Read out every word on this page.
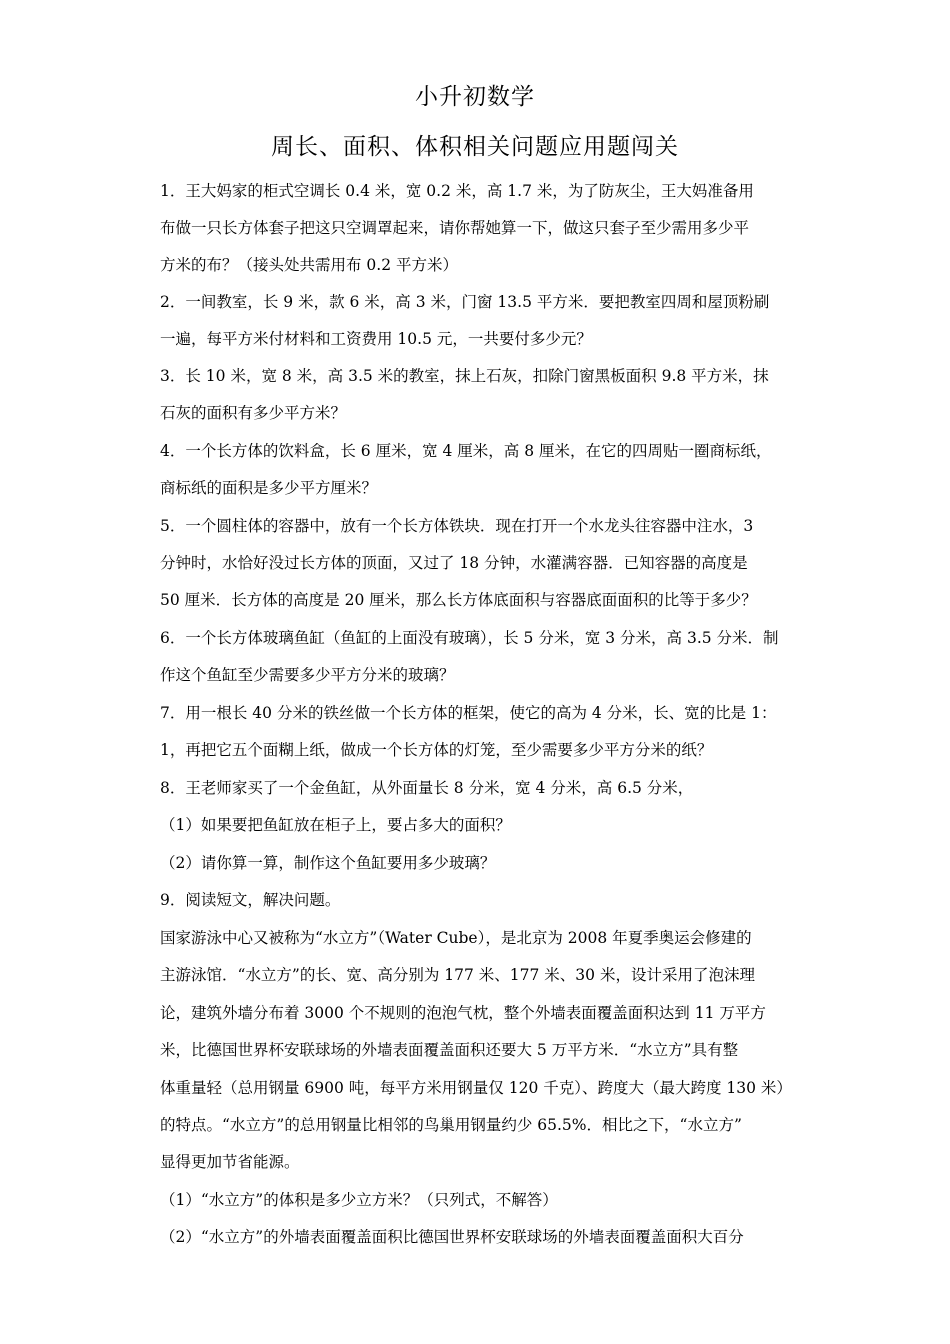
小升初数学
周长、面积、体积相关问题应用题闯关
1．王大妈家的柜式空调长 0.4 米，宽 0.2 米，高 1.7 米，为了防灰尘，王大妈准备用
布做一只长方体套子把这只空调罩起来，请你帮她算一下，做这只套子至少需用多少平
方米的布？（接头处共需用布 0.2 平方米）
2．一间教室，长 9 米，款 6 米，高 3 米，门窗 13.5 平方米．要把教室四周和屋顶粉刷
一遍，每平方米付材料和工资费用 10.5 元，一共要付多少元？
3．长 10 米，宽 8 米，高 3.5 米的教室，抹上石灰，扣除门窗黑板面积 9.8 平方米，抹
石灰的面积有多少平方米？
4．一个长方体的饮料盒，长 6 厘米，宽 4 厘米，高 8 厘米，在它的四周贴一圈商标纸，
商标纸的面积是多少平方厘米？
5．一个圆柱体的容器中，放有一个长方体铁块．现在打开一个水龙头往容器中注水，3
分钟时，水恰好没过长方体的顶面，又过了 18 分钟，水灌满容器．已知容器的高度是
50 厘米．长方体的高度是 20 厘米，那么长方体底面积与容器底面面积的比等于多少？
6．一个长方体玻璃鱼缸（鱼缸的上面没有玻璃），长 5 分米，宽 3 分米，高 3.5 分米．制
作这个鱼缸至少需要多少平方分米的玻璃？
7．用一根长 40 分米的铁丝做一个长方体的框架，使它的高为 4 分米，长、宽的比是 1：
1，再把它五个面糊上纸，做成一个长方体的灯笼，至少需要多少平方分米的纸？
8．王老师家买了一个金鱼缸，从外面量长 8 分米，宽 4 分米，高 6.5 分米，
（1）如果要把鱼缸放在柜子上，要占多大的面积？
（2）请你算一算，制作这个鱼缸要用多少玻璃？
9．阅读短文，解决问题。
国家游泳中心又被称为“水立方”（Water Cube），是北京为 2008 年夏季奥运会修建的
主游泳馆．“水立方”的长、宽、高分别为 177 米、177 米、30 米，设计采用了泡沫理
论，建筑外墙分布着 3000 个不规则的泡泡气枕，整个外墙表面覆盖面积达到 11 万平方
米，比德国世界杯安联球场的外墙表面覆盖面积还要大 5 万平方米．“水立方”具有整
体重量轻（总用钢量 6900 吨，每平方米用钢量仅 120 千克）、跨度大（最大跨度 130 米）
的特点。“水立方”的总用钢量比相邻的鸟巢用钢量约少 65.5%．相比之下，“水立方”
显得更加节省能源。
（1）“水立方”的体积是多少立方米？（只列式，不解答）
（2）“水立方”的外墙表面覆盖面积比德国世界杯安联球场的外墙表面覆盖面积大百分
